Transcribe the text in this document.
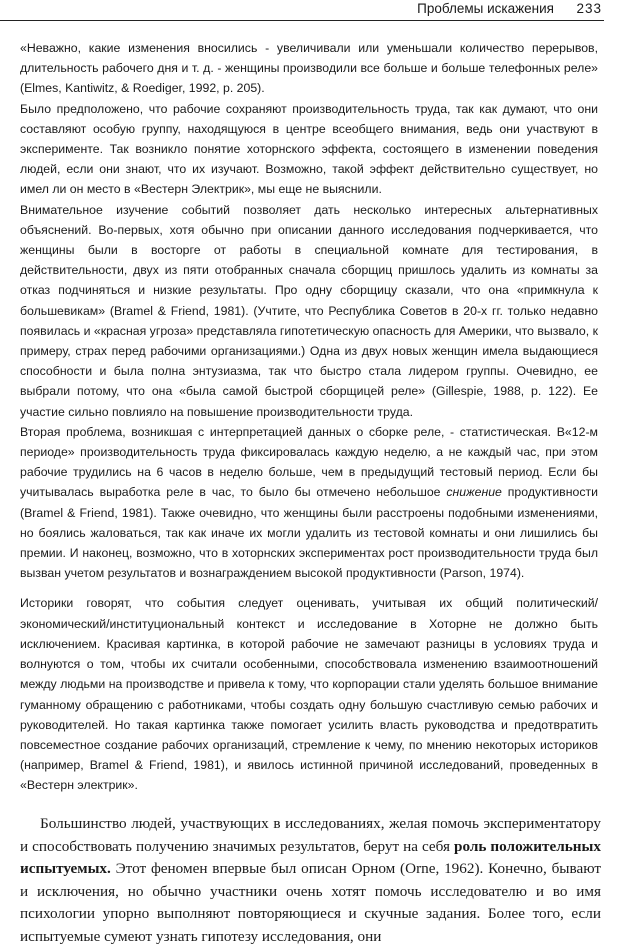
Проблемы искажения 233

«Неважно, какие изменения вносились - увеличивали или уменьшали количество перерывов, длительность рабочего дня и т. д. - женщины производили все больше и больше телефонных реле» (Elmes, Kantiwitz, & Roediger, 1992, p. 205).

Было предположено, что рабочие сохраняют производительность труда, так как думают, что они составляют особую группу, находящуюся в центре всеобщего внимания, ведь они участвуют в эксперименте. Так возникло понятие хоторнского эффекта, состоящего в изменении поведения людей, если они знают, что их изучают. Возможно, такой эффект действительно существует, но имел ли он место в «Вестерн Электрик», мы еще не выяснили.

Внимательное изучение событий позволяет дать несколько интересных альтернативных объяснений. Во-первых, хотя обычно при описании данного исследования подчеркивается, что женщины были в восторге от работы в специальной комнате для тестирования, в действительности, двух из пяти отобранных сначала сборщиц пришлось удалить из комнаты за отказ подчиняться и низкие результаты. Про одну сборщицу сказали, что она «примкнула к большевикам» (Bramel & Friend, 1981). (Учтите, что Республика Советов в 20-х гг. только недавно появилась и «красная угроза» представляла гипотетическую опасность для Америки, что вызвало, к примеру, страх перед рабочими организациями.) Одна из двух новых женщин имела выдающиеся способности и была полна энтузиазма, так что быстро стала лидером группы. Очевидно, ее выбрали потому, что она «была самой быстрой сборщицей реле» (Gillespie, 1988, p. 122). Ее участие сильно повлияло на повышение производительности труда.

Вторая проблема, возникшая с интерпретацией данных о сборке реле, - статистическая. В«12-м периоде» производительность труда фиксировалась каждую неделю, а не каждый час, при этом рабочие трудились на 6 часов в неделю больше, чем в предыдущий тестовый период. Если бы учитывалась выработка реле в час, то было бы отмечено небольшое снижение продуктивности (Bramel & Friend, 1981). Также очевидно, что женщины были расстроены подобными изменениями, но боялись жаловаться, так как иначе их могли удалить из тестовой комнаты и они лишились бы премии. И наконец, возможно, что в хоторнских экспериментах рост производительности труда был вызван учетом результатов и вознаграждением высокой продуктивности (Parson, 1974).

Историки говорят, что события следует оценивать, учитывая их общий политический/экономический/институциональный контекст и исследование в Хоторне не должно быть исключением. Красивая картинка, в которой рабочие не замечают разницы в условиях труда и волнуются о том, чтобы их считали особенными, способствовала изменению взаимоотношений между людьми на производстве и привела к тому, что корпорации стали уделять большое внимание гуманному обращению с работниками, чтобы создать одну большую счастливую семью рабочих и руководителей. Но такая картинка также помогает усилить власть руководства и предотвратить повсеместное создание рабочих организаций, стремление к чему, по мнению некоторых историков (например, Bramel & Friend, 1981), и явилось истинной причиной исследований, проведенных в «Вестерн электрик».

Большинство людей, участвующих в исследованиях, желая помочь экспериментатору и способствовать получению значимых результатов, берут на себя роль положительных испытуемых. Этот феномен впервые был описан Орном (Orne, 1962). Конечно, бывают и исключения, но обычно участники очень хотят помочь исследователю и во имя психологии упорно выполняют повторяющиеся и скучные задания. Более того, если испытуемые сумеют узнать гипотезу исследования, они
